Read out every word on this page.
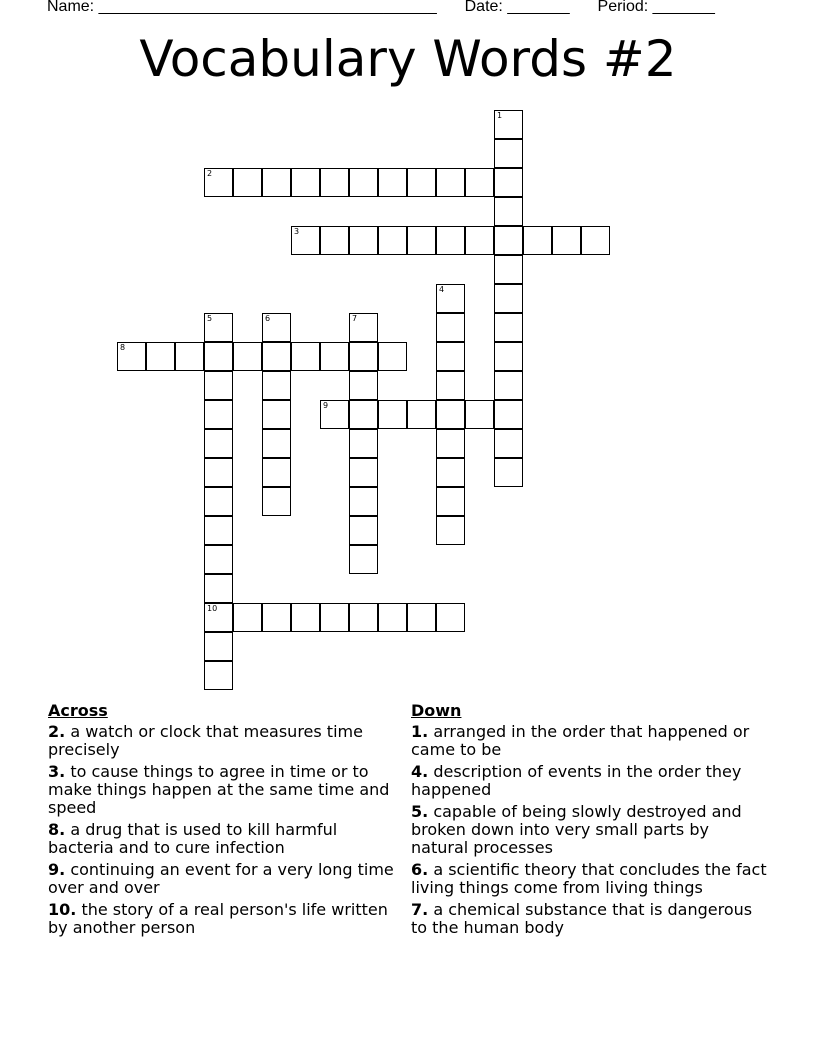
Name: ______________________________________ Date: _______ Period: _______
Vocabulary Words #2
1
2
3
4
5
10
6	7
8
9
Across
2. a watch or clock that measures time precisely
3. to cause things to agree in time or to make things happen at the same time and speed
8. a drug that is used to kill harmful bacteria and to cure infection
9. continuing an event for a very long time over and over
10. the story of a real person's life written by another person
Down
1. arranged in the order that happened or came to be
4. description of events in the order they happened
5. capable of being slowly destroyed and broken down into very small parts by natural processes
6. a scientific theory that concludes the fact living things come from living things
7. a chemical substance that is dangerous to the human body
